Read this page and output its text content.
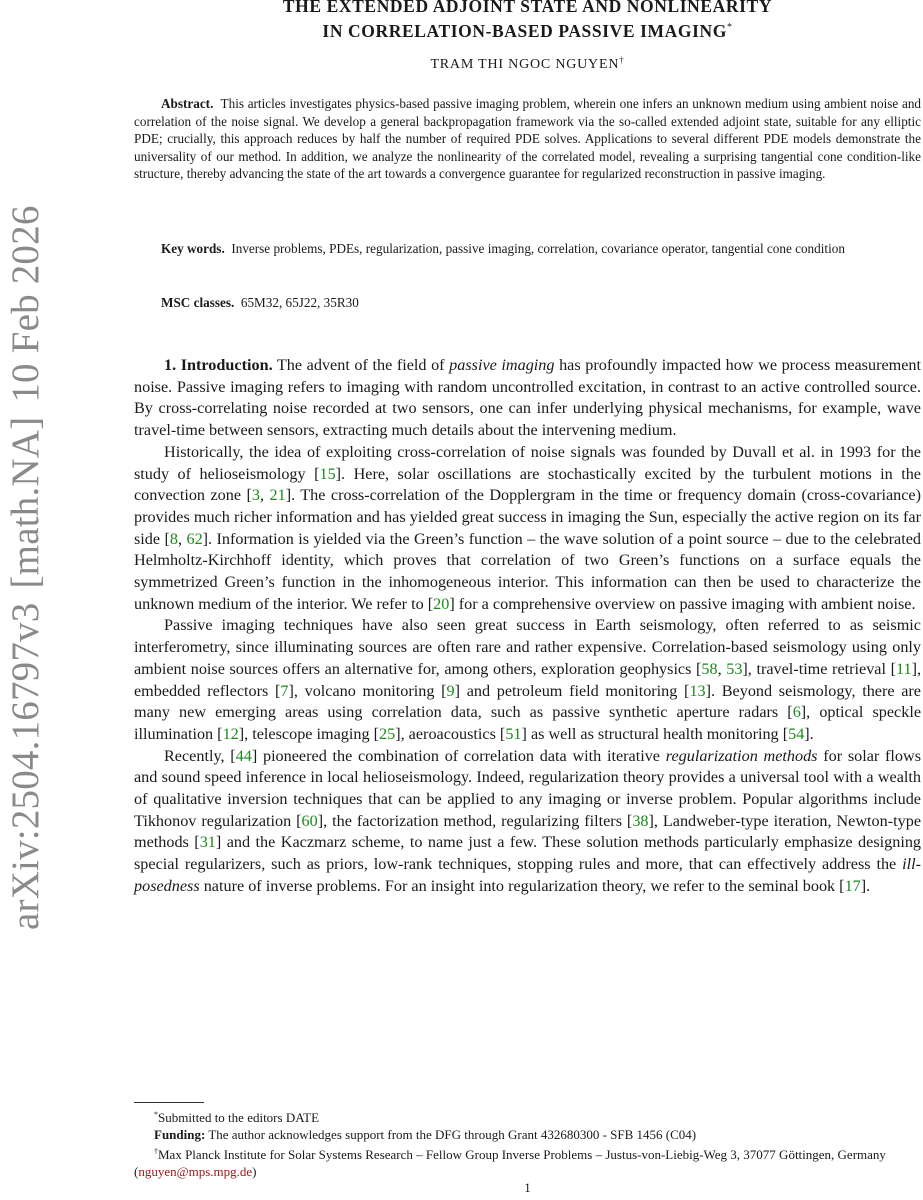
arXiv:2504.16797v3[math.NA]10 Feb 2026
THE EXTENDED ADJOINT STATE AND NONLINEARITY
IN CORRELATION-BASED PASSIVE IMAGING*
TRAM THI NGOC NGUYEN†
Abstract. This articles investigates physics-based passive imaging problem, wherein one infers an unknown medium using ambient noise and correlation of the noise signal. We develop a general backpropagation framework via the so-called extended adjoint state, suitable for any elliptic PDE; crucially, this approach reduces by half the number of required PDE solves. Applications to several different PDE models demonstrate the universality of our method. In addition, we analyze the nonlinearity of the correlated model, revealing a surprising tangential cone condition-like structure, thereby advancing the state of the art towards a convergence guarantee for regularized reconstruction in passive imaging.
Key words. Inverse problems, PDEs, regularization, passive imaging, correlation, covariance operator, tangential cone condition
MSC classes. 65M32, 65J22, 35R30

1. Introduction. The advent of the field of passive imaging has profoundly impacted how we process measurement noise. Passive imaging refers to imaging with random uncontrolled excitation, in contrast to an active controlled source. By cross-correlating noise recorded at two sensors, one can infer underlying physical mechanisms, for example, wave travel-time between sensors, extracting much details about the intervening medium.

Historically, the idea of exploiting cross-correlation of noise signals was founded by Duvall et al. in 1993 for the study of helioseismology [15]. Here, solar oscillations are stochastically excited by the turbulent motions in the convection zone [3, 21]. The cross-correlation of the Dopplergram in the time or frequency domain (cross-covariance) provides much richer information and has yielded great success in imaging the Sun, especially the active region on its far side [8, 62]. Information is yielded via the Green’s function – the wave solution of a point source – due to the celebrated Helmholtz-Kirchhoff identity, which proves that correlation of two Green’s functions on a surface equals the symmetrized Green’s function in the inhomogeneous interior. This information can then be used to characterize the unknown medium of the interior. We refer to [20] for a comprehensive overview on passive imaging with ambient noise.

Passive imaging techniques have also seen great success in Earth seismology, often referred to as seismic interferometry, since illuminating sources are often rare and rather expensive. Correlation-based seismology using only ambient noise sources offers an alternative for, among others, exploration geophysics [58, 53], travel-time retrieval [11], embedded reflectors [7], volcano monitoring [9] and petroleum field monitoring [13]. Beyond seismology, there are many new emerging areas using correlation data, such as passive synthetic aperture radars [6], optical speckle illumination [12], telescope imaging [25], aeroacoustics [51] as well as structural health monitoring [54].

Recently, [44] pioneered the combination of correlation data with iterative regularization methods for solar flows and sound speed inference in local helioseismology. Indeed, regularization theory provides a universal tool with a wealth of qualitative inversion techniques that can be applied to any imaging or inverse problem. Popular algorithms include Tikhonov regularization [60], the factorization method, regularizing filters [38], Landweber-type iteration, Newton-type methods [31] and the Kaczmarz scheme, to name just a few. These solution methods particularly emphasize designing special regularizers, such as priors, low-rank techniques, stopping rules and more, that can effectively address the ill-posedness nature of inverse problems. For an insight into regularization theory, we refer to the seminal book [17].

*Submitted to the editors DATE

Funding: The author acknowledges support from the DFG through Grant 432680300 - SFB 1456 (C04)

†Max Planck Institute for Solar Systems Research – Fellow Group Inverse Problems – Justus-von-Liebig-Weg 3, 37077 Göttingen, Germany (nguyen@mps.mpg.de)

1
